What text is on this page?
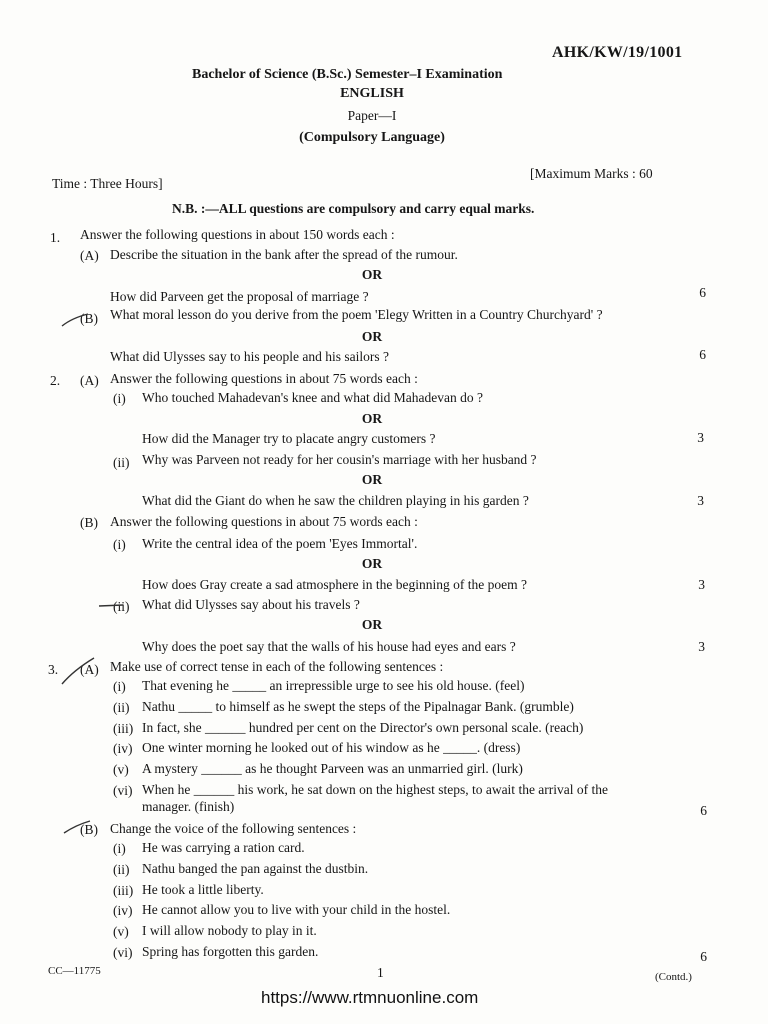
AHK/KW/19/1001
Bachelor of Science (B.Sc.) Semester–I Examination
ENGLISH
Paper—I
(Compulsory Language)
Time : Three Hours]
[Maximum Marks : 60
N.B. :—ALL questions are compulsory and carry equal marks.
1. Answer the following questions in about 150 words each :
(A) Describe the situation in the bank after the spread of the rumour.
OR
How did Parveen get the proposal of marriage ?	6
(B) What moral lesson do you derive from the poem 'Elegy Written in a Country Churchyard' ?
OR
What did Ulysses say to his people and his sailors ?	6
2. (A) Answer the following questions in about 75 words each :
(i) Who touched Mahadevan's knee and what did Mahadevan do ?
OR
How did the Manager try to placate angry customers ?	3
(ii) Why was Parveen not ready for her cousin's marriage with her husband ?
OR
What did the Giant do when he saw the children playing in his garden ?	3
(B) Answer the following questions in about 75 words each :
(i) Write the central idea of the poem 'Eyes Immortal'.
OR
How does Gray create a sad atmosphere in the beginning of the poem ?	3
(ii) What did Ulysses say about his travels ?
OR
Why does the poet say that the walls of his house had eyes and ears ?	3
3. (A) Make use of correct tense in each of the following sentences :
(i) That evening he _____ an irrepressible urge to see his old house. (feel)
(ii) Nathu _____ to himself as he swept the steps of the Pipalnagar Bank. (grumble)
(iii) In fact, she ______ hundred per cent on the Director's own personal scale. (reach)
(iv) One winter morning he looked out of his window as he _____. (dress)
(v) A mystery ______ as he thought Parveen was an unmarried girl. (lurk)
(vi) When he ______ his work, he sat down on the highest steps, to await the arrival of the
manager. (finish)	6
(B) Change the voice of the following sentences :
(i) He was carrying a ration card.
(ii) Nathu banged the pan against the dustbin.
(iii) He took a little liberty.
(iv) He cannot allow you to live with your child in the hostel.
(v) I will allow nobody to play in it.
(vi) Spring has forgotten this garden.	6
CC—11775	1	(Contd.)
https://www.rtmnuonline.com
